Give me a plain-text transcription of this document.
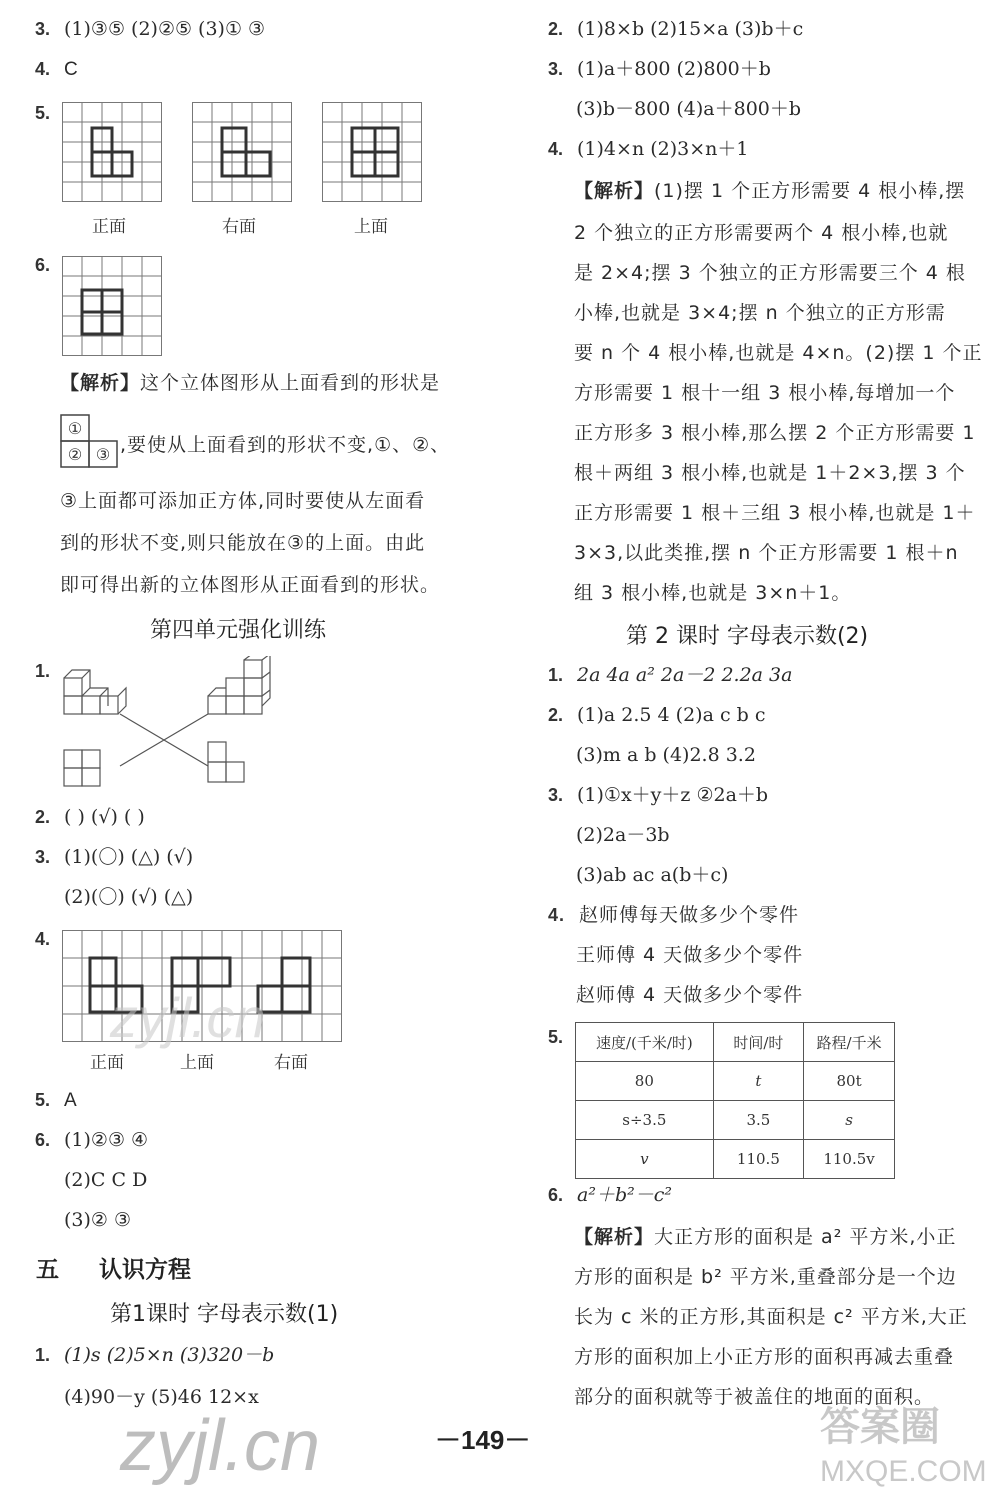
3. (1)③⑤ (2)②⑤ (3)① ③
4. C
5.
正面	右面	上面
6.
【解析】这个立体图形从上面看到的形状是
①
② ③ ,要使从上面看到的形状不变,①、②、
③上面都可添加正方体,同时要使从左面看
到的形状不变,则只能放在③的上面。由此
即可得出新的立体图形从正面看到的形状。
第四单元强化训练
1.
2. ( ) (√) ( )
3. (1)(〇) (△) (√)
(2)(〇) (√) (△)
4.
正面	上面	右面
5. A
6. (1)②③ ④
(2)C C D
(3)② ③
五 认识方程
第1课时 字母表示数(1)
1. (1)s (2)5×n (3)320－b
(4)90－y (5)46 12×x
2. (1)8×b (2)15×a (3)b＋c
3. (1)a＋800 (2)800＋b
(3)b－800 (4)a＋800＋b
4. (1)4×n (2)3×n＋1
【解析】(1)摆 1 个正方形需要 4 根小棒,摆
2 个独立的正方形需要两个 4 根小棒,也就
是 2×4;摆 3 个独立的正方形需要三个 4 根
小棒,也就是 3×4;摆 n 个独立的正方形需
要 n 个 4 根小棒,也就是 4×n。(2)摆 1 个正
方形需要 1 根十一组 3 根小棒,每增加一个
正方形多 3 根小棒,那么摆 2 个正方形需要 1
根＋两组 3 根小棒,也就是 1＋2×3,摆 3 个
正方形需要 1 根＋三组 3 根小棒,也就是 1＋
3×3,以此类推,摆 n 个正方形需要 1 根＋n
组 3 根小棒,也就是 3×n＋1。
第 2 课时 字母表示数(2)
1. 2a 4a a² 2a－2 2.2a 3a
2. (1)a 2.5 4 (2)a c b c
(3)m a b (4)2.8 3.2
3. (1)①x＋y＋z ②2a＋b
(2)2a－3b
(3)ab ac a(b＋c)
4. 赵师傅每天做多少个零件
王师傅 4 天做多少个零件
赵师傅 4 天做多少个零件
5.	速度/(千米/时)	时间/时	路程/千米
80	t	80t
s÷3.5	3.5	s
v	110.5	110.5v
6. a²＋b²－c²
【解析】大正方形的面积是 a² 平方米,小正
方形的面积是 b² 平方米,重叠部分是一个边
长为 c 米的正方形,其面积是 c² 平方米,大正
方形的面积加上小正方形的面积再减去重叠
部分的面积就等于被盖住的地面的面积。
－149－
zyjl.cn
zyjl.cn	答案圈
MXQE.COM
